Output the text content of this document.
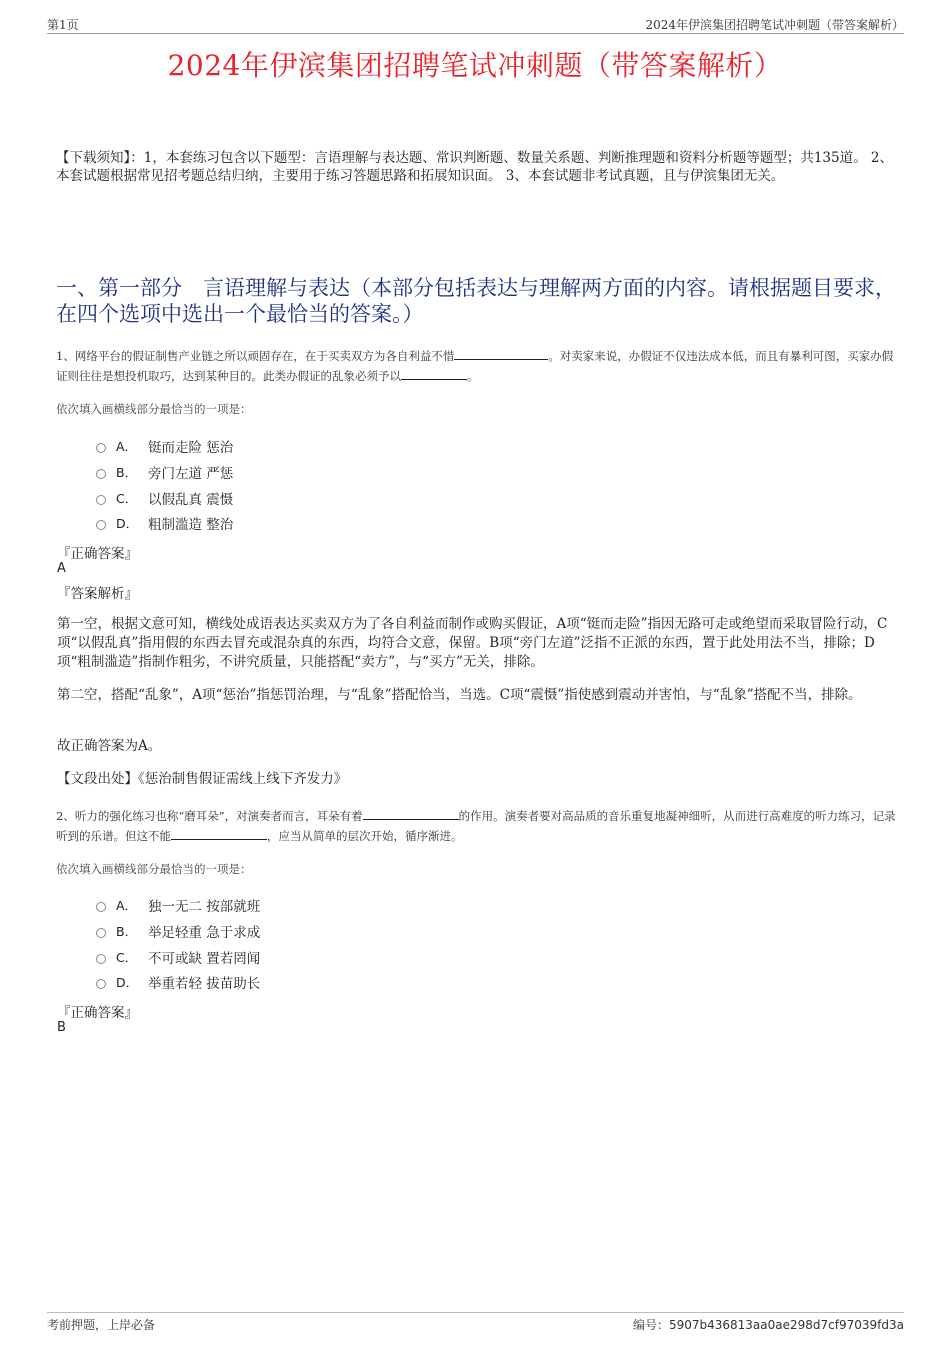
第1页	2024年伊滨集团招聘笔试冲刺题（带答案解析）
2024年伊滨集团招聘笔试冲刺题（带答案解析）
【下载须知】：1，本套练习包含以下题型：言语理解与表达题、常识判断题、数量关系题、判断推理题和资料分析题等题型；共135道。 2、本套试题根据常见招考题总结归纳，主要用于练习答题思路和拓展知识面。 3、本套试题非考试真题，且与伊滨集团无关。
一、第一部分　言语理解与表达（本部分包括表达与理解两方面的内容。请根据题目要求，在四个选项中选出一个最恰当的答案。）
1、网络平台的假证制售产业链之所以顽固存在，在于买卖双方为各自利益不惜	。对卖家来说，办假证不仅违法成本低，而且有暴利可图，买家办假证则往往是想投机取巧，达到某种目的。此类办假证的乱象必须予以	。
依次填入画横线部分最恰当的一项是：
A． 铤而走险 惩治
B． 旁门左道 严惩
C． 以假乱真 震慑
D． 粗制滥造 整治
『正确答案』
A
『答案解析』
第一空，根据文意可知，横线处成语表达买卖双方为了各自利益而制作或购买假证，A项“铤而走险”指因无路可走或绝望而采取冒险行动，C项“以假乱真”指用假的东西去冒充或混杂真的东西，均符合文意，保留。B项“旁门左道”泛指不正派的东西，置于此处用法不当，排除；D项“粗制滥造”指制作粗劣，不讲究质量，只能搭配“卖方”，与“买方”无关，排除。
第二空，搭配“乱象”，A项“惩治”指惩罚治理，与“乱象”搭配恰当，当选。C项“震慑”指使感到震动并害怕，与“乱象”搭配不当，排除。
故正确答案为A。
【文段出处】《惩治制售假证需线上线下齐发力》
2、听力的强化练习也称“磨耳朵”，对演奏者而言，耳朵有着	的作用。演奏者要对高品质的音乐重复地凝神细听，从而进行高难度的听力练习，记录听到的乐谱。但这不能	，应当从简单的层次开始，循序渐进。
依次填入画横线部分最恰当的一项是：
A． 独一无二 按部就班
B． 举足轻重 急于求成
C． 不可或缺 置若罔闻
D． 举重若轻 拔苗助长
『正确答案』
B
考前押题，上岸必备	编号：5907b436813aa0ae298d7cf97039fd3a
